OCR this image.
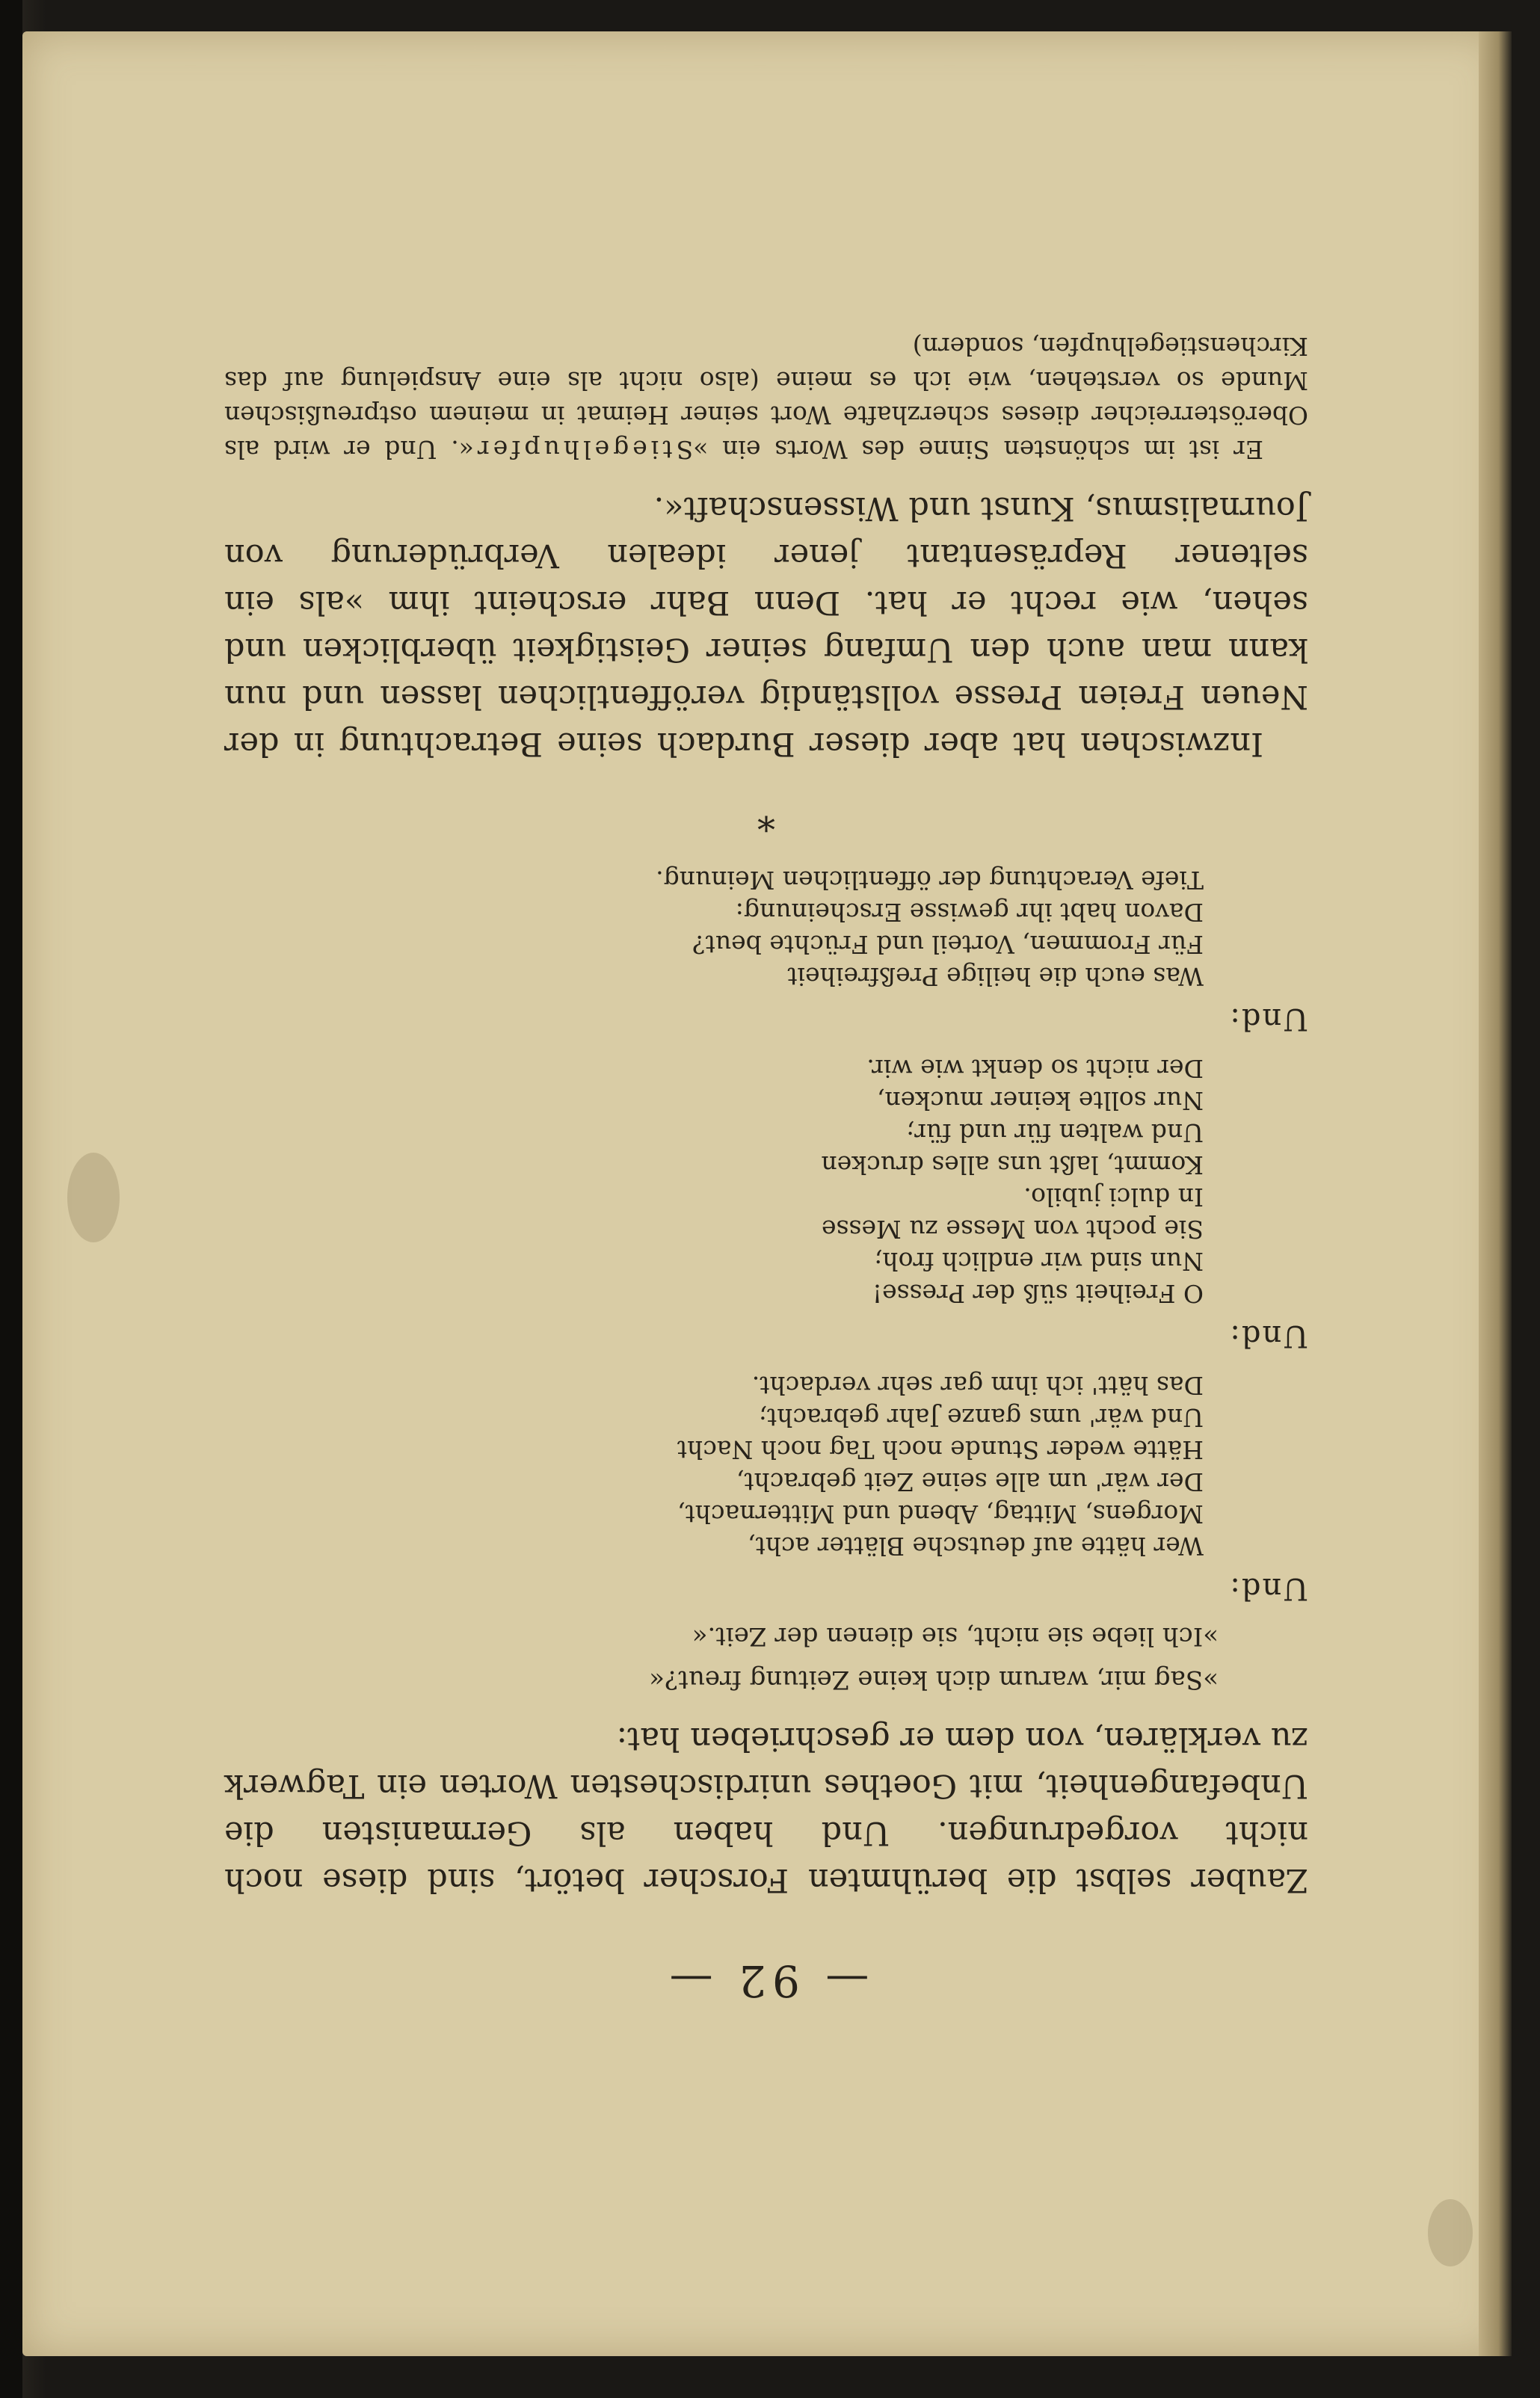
— 92 —

Zauber selbst die berühmten Forscher betört, sind diese noch nicht vorgedrungen. Und haben als Germanisten die Unbefangenheit, mit Goethes unirdischesten Worten ein Tagwerk zu verklären, von dem er geschrieben hat:

»Sag mir, warum dich keine Zeitung freut?«
»Ich liebe sie nicht, sie dienen der Zeit.«
Und:
Wer hätte auf deutsche Blätter acht,
Morgens, Mittag, Abend und Mitternacht,
Der wär' um alle seine Zeit gebracht,
Hätte weder Stunde noch Tag noch Nacht
Und wär' ums ganze Jahr gebracht;
Das hätt' ich ihm gar sehr verdacht.
Und:
O Freiheit süß der Presse!
Nun sind wir endlich froh;
Sie pocht von Messe zu Messe
In dulci jubilo.
Kommt, laßt uns alles drucken
Und walten für und für;
Nur sollte keiner mucken,
Der nicht so denkt wie wir.
Und:
Was euch die heilige Preßfreiheit
Für Frommen, Vorteil und Früchte beut?
Davon habt ihr gewisse Erscheinung:
Tiefe Verachtung der öffentlichen Meinung.
*

Inzwischen hat aber dieser Burdach seine Betrachtung in der Neuen Freien Presse vollständig veröffentlichen lassen und nun kann man auch den Umfang seiner Geistigkeit überblicken und sehen, wie recht er hat. Denn Bahr erscheint ihm »als ein seltener Repräsentant jener idealen Verbrüderung von Journalismus, Kunst und Wissenschaft«.

Er ist im schönsten Sinne des Worts ein »Stiegelhupfer«. Und er wird als Oberösterreicher dieses scherzhafte Wort seiner Heimat in meinem ostpreußischen Munde so verstehen, wie ich es meine (also nicht als eine Anspielung auf das Kirchenstiegelhupfen, sondern)
